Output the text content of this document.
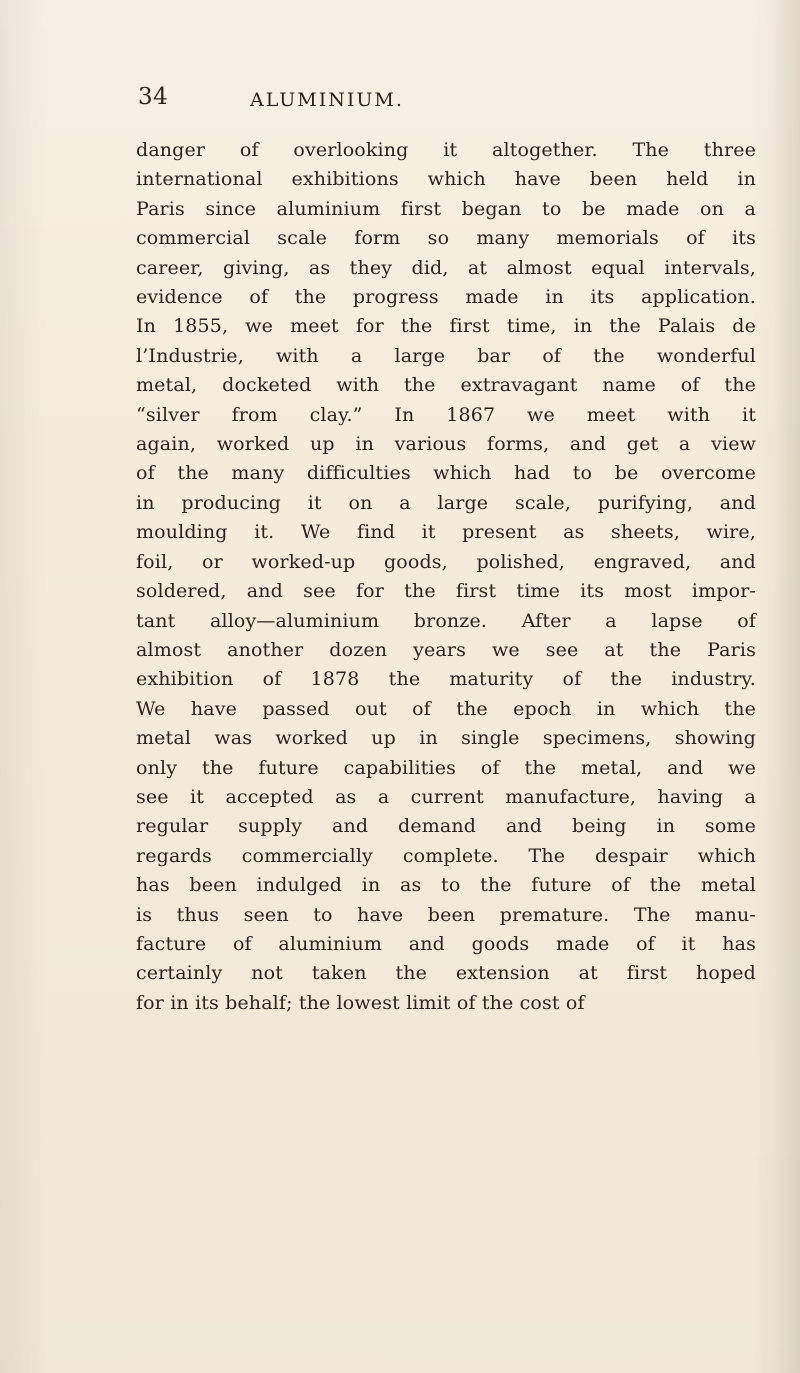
34	ALUMINIUM.
danger of overlooking it altogether. The three
international exhibitions which have been held in
Paris since aluminium first began to be made on a
commercial scale form so many memorials of its
career, giving, as they did, at almost equal intervals,
evidence of the progress made in its application.
In 1855, we meet for the first time, in the Palais de
l’Industrie, with a large bar of the wonderful
metal, docketed with the extravagant name of the
“silver from clay.” In 1867 we meet with it
again, worked up in various forms, and get a view
of the many difficulties which had to be overcome
in producing it on a large scale, purifying, and
moulding it. We find it present as sheets, wire,
foil, or worked-up goods, polished, engraved, and
soldered, and see for the first time its most impor-
tant alloy—aluminium bronze. After a lapse of
almost another dozen years we see at the Paris
exhibition of 1878 the maturity of the industry.
We have passed out of the epoch in which the
metal was worked up in single specimens, showing
only the future capabilities of the metal, and we
see it accepted as a current manufacture, having a
regular supply and demand and being in some
regards commercially complete. The despair which
has been indulged in as to the future of the metal
is thus seen to have been premature. The manu-
facture of aluminium and goods made of it has
certainly not taken the extension at first hoped
for in its behalf; the lowest limit of the cost of
